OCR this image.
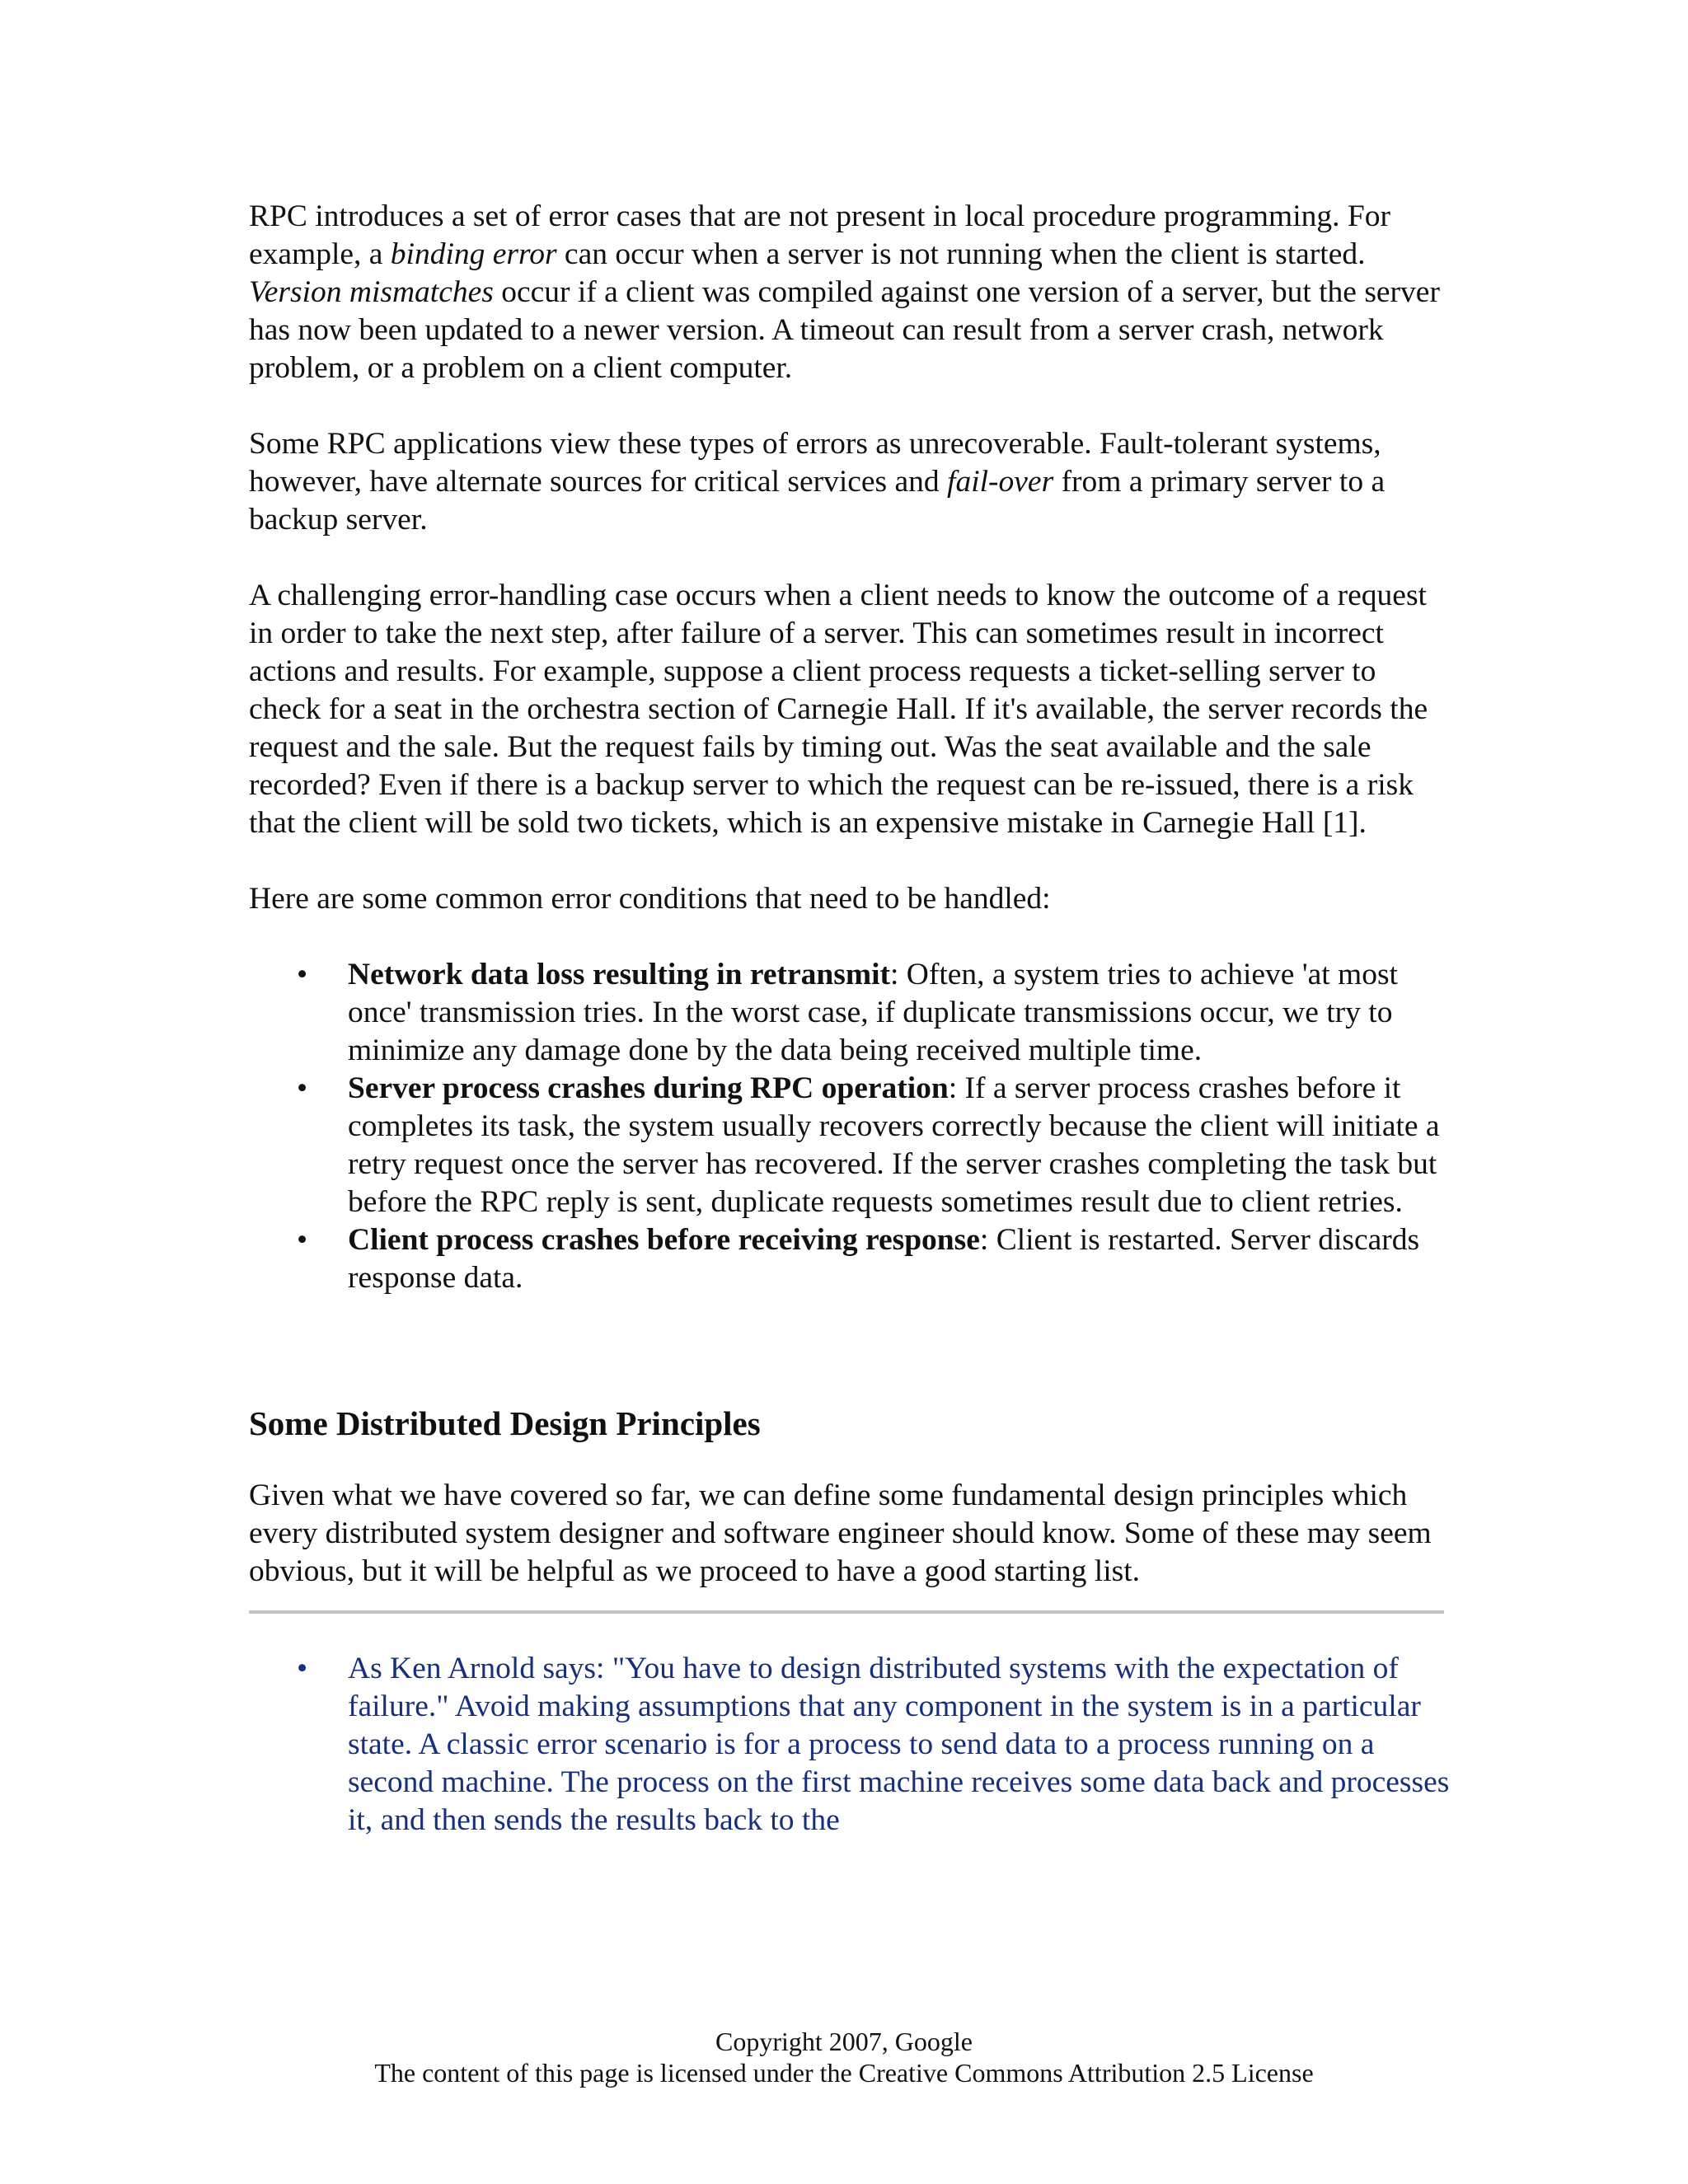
RPC introduces a set of error cases that are not present in local procedure programming. For example, a binding error can occur when a server is not running when the client is started. Version mismatches occur if a client was compiled against one version of a server, but the server has now been updated to a newer version. A timeout can result from a server crash, network problem, or a problem on a client computer.

Some RPC applications view these types of errors as unrecoverable. Fault-tolerant systems, however, have alternate sources for critical services and fail-over from a primary server to a backup server.

A challenging error-handling case occurs when a client needs to know the outcome of a request in order to take the next step, after failure of a server. This can sometimes result in incorrect actions and results. For example, suppose a client process requests a ticket-selling server to check for a seat in the orchestra section of Carnegie Hall. If it's available, the server records the request and the sale. But the request fails by timing out. Was the seat available and the sale recorded? Even if there is a backup server to which the request can be re-issued, there is a risk that the client will be sold two tickets, which is an expensive mistake in Carnegie Hall [1].

Here are some common error conditions that need to be handled:

• Network data loss resulting in retransmit: Often, a system tries to achieve 'at most once' transmission tries. In the worst case, if duplicate transmissions occur, we try to minimize any damage done by the data being received multiple time.
• Server process crashes during RPC operation: If a server process crashes before it completes its task, the system usually recovers correctly because the client will initiate a retry request once the server has recovered. If the server crashes completing the task but before the RPC reply is sent, duplicate requests sometimes result due to client retries.
• Client process crashes before receiving response: Client is restarted. Server discards response data.
Some Distributed Design Principles

Given what we have covered so far, we can define some fundamental design principles which every distributed system designer and software engineer should know. Some of these may seem obvious, but it will be helpful as we proceed to have a good starting list.

• As Ken Arnold says: "You have to design distributed systems with the expectation of failure." Avoid making assumptions that any component in the system is in a particular state. A classic error scenario is for a process to send data to a process running on a second machine. The process on the first machine receives some data back and processes it, and then sends the results back to the
Copyright 2007, Google
The content of this page is licensed under the Creative Commons Attribution 2.5 License
